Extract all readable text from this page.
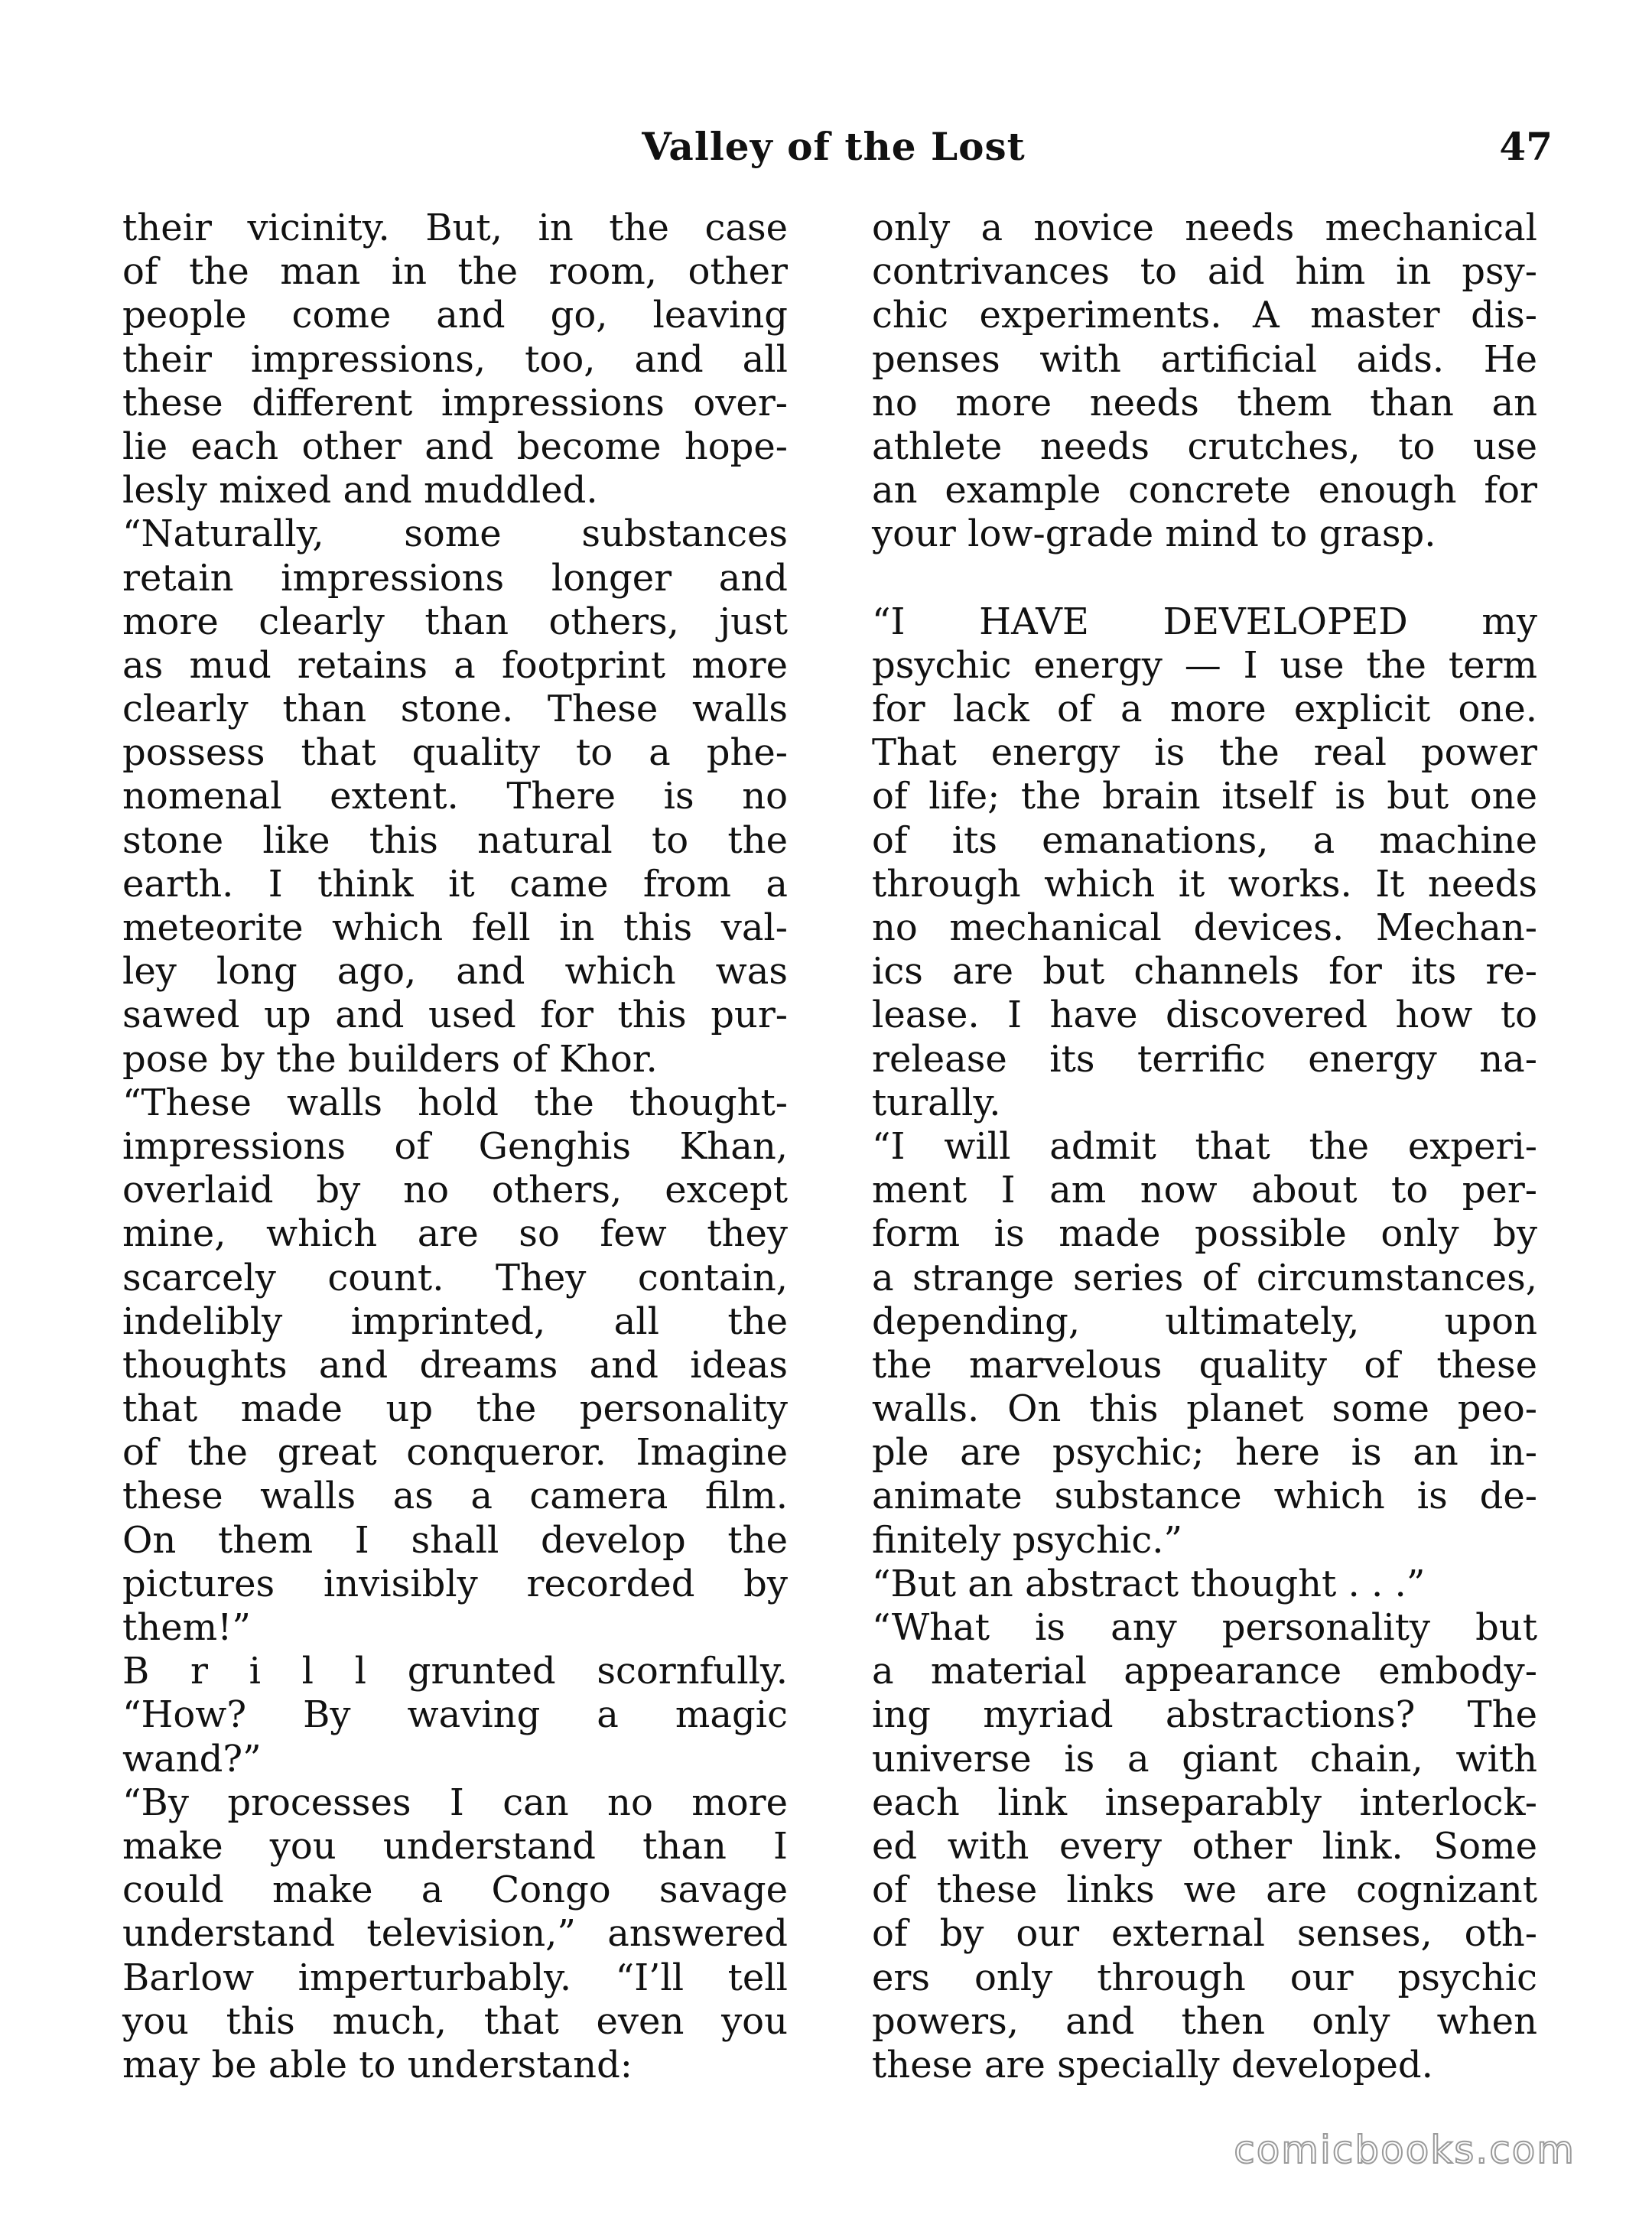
Valley of the Lost	47
their vicinity. But, in the case
of the man in the room, other
people come and go, leaving
their impressions, too, and all
these different impressions over-
lie each other and become hope-
lesly mixed and muddled.
“Naturally, some substances
retain impressions longer and
more clearly than others, just
as mud retains a footprint more
clearly than stone. These walls
possess that quality to a phe-
nomenal extent. There is no
stone like this natural to the
earth. I think it came from a
meteorite which fell in this val-
ley long ago, and which was
sawed up and used for this pur-
pose by the builders of Khor.
“These walls hold the thought-
impressions of Genghis Khan,
overlaid by no others, except
mine, which are so few they
scarcely count. They contain,
indelibly imprinted, all the
thoughts and dreams and ideas
that made up the personality
of the great conqueror. Imagine
these walls as a camera film.
On them I shall develop the
pictures invisibly recorded by
them!”
B r i l l grunted scornfully.
“How? By waving a magic
wand?”
“By processes I can no more
make you understand than I
could make a Congo savage
understand television,” answered
Barlow imperturbably. “I’ll tell
you this much, that even you
may be able to understand:
only a novice needs mechanical
contrivances to aid him in psy-
chic experiments. A master dis-
penses with artificial aids. He
no more needs them than an
athlete needs crutches, to use
an example concrete enough for
your low-grade mind to grasp.
“I HAVE DEVELOPED my
psychic energy — I use the term
for lack of a more explicit one.
That energy is the real power
of life; the brain itself is but one
of its emanations, a machine
through which it works. It needs
no mechanical devices. Mechan-
ics are but channels for its re-
lease. I have discovered how to
release its terrific energy na-
turally.
“I will admit that the experi-
ment I am now about to per-
form is made possible only by
a strange series of circumstances,
depending, ultimately, upon
the marvelous quality of these
walls. On this planet some peo-
ple are psychic; here is an in-
animate substance which is de-
finitely psychic.”
“But an abstract thought . . .”
“What is any personality but
a material appearance embody-
ing myriad abstractions? The
universe is a giant chain, with
each link inseparably interlock-
ed with every other link. Some
of these links we are cognizant
of by our external senses, oth-
ers only through our psychic
powers, and then only when
these are specially developed.
comicbooks.com
